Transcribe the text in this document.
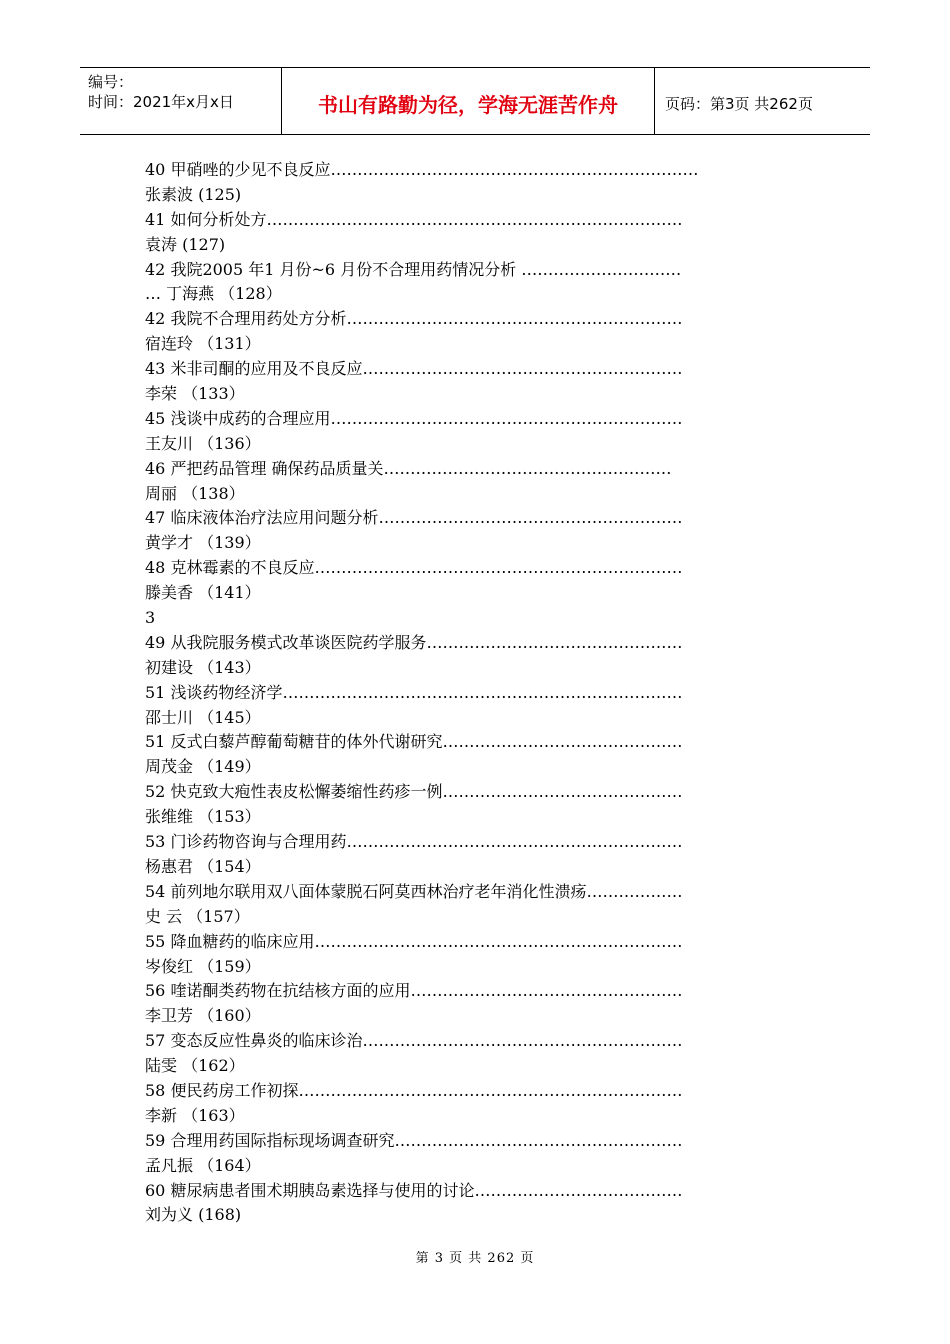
编号：
时间：2021年x月x日	书山有路勤为径，学海无涯苦作舟	页码：第3页 共262页
40 甲硝唑的少见不良反应……………………………………………………………
张素波 (125)
41 如何分析处方……………………………………………………………………
袁涛 (127)
42 我院2005 年1 月份~6 月份不合理用药情况分析 …………………………
… 丁海燕 （128）
42 我院不合理用药处方分析………………………………………………………
宿连玲 （131）
43 米非司酮的应用及不良反应……………………………………………………
李荣 （133）
45 浅谈中成药的合理应用…………………………………………………………
王友川 （136）
46 严把药品管理 确保药品质量关………………………………………………
周丽 （138）
47 临床液体治疗法应用问题分析…………………………………………………
黄学才 （139）
48 克林霉素的不良反应……………………………………………………………
滕美香 （141）
3
49 从我院服务模式改革谈医院药学服务…………………………………………
初建设 （143）
51 浅谈药物经济学…………………………………………………………………
邵士川 （145）
51 反式白藜芦醇葡萄糖苷的体外代谢研究………………………………………
周茂金 （149）
52 快克致大疱性表皮松懈萎缩性药疹一例………………………………………
张维维 （153）
53 门诊药物咨询与合理用药………………………………………………………
杨惠君 （154）
54 前列地尔联用双八面体蒙脱石阿莫西林治疗老年消化性溃疡………………
史 云 （157）
55 降血糖药的临床应用……………………………………………………………
岑俊红 （159）
56 喹诺酮类药物在抗结核方面的应用……………………………………………
李卫芳 （160）
57 变态反应性鼻炎的临床诊治……………………………………………………
陆雯 （162）
58 便民药房工作初探………………………………………………………………
李新 （163）
59 合理用药国际指标现场调查研究………………………………………………
孟凡振 （164）
60 糖尿病患者围术期胰岛素选择与使用的讨论…………………………………
刘为义 (168)
第 3 页 共 262 页
